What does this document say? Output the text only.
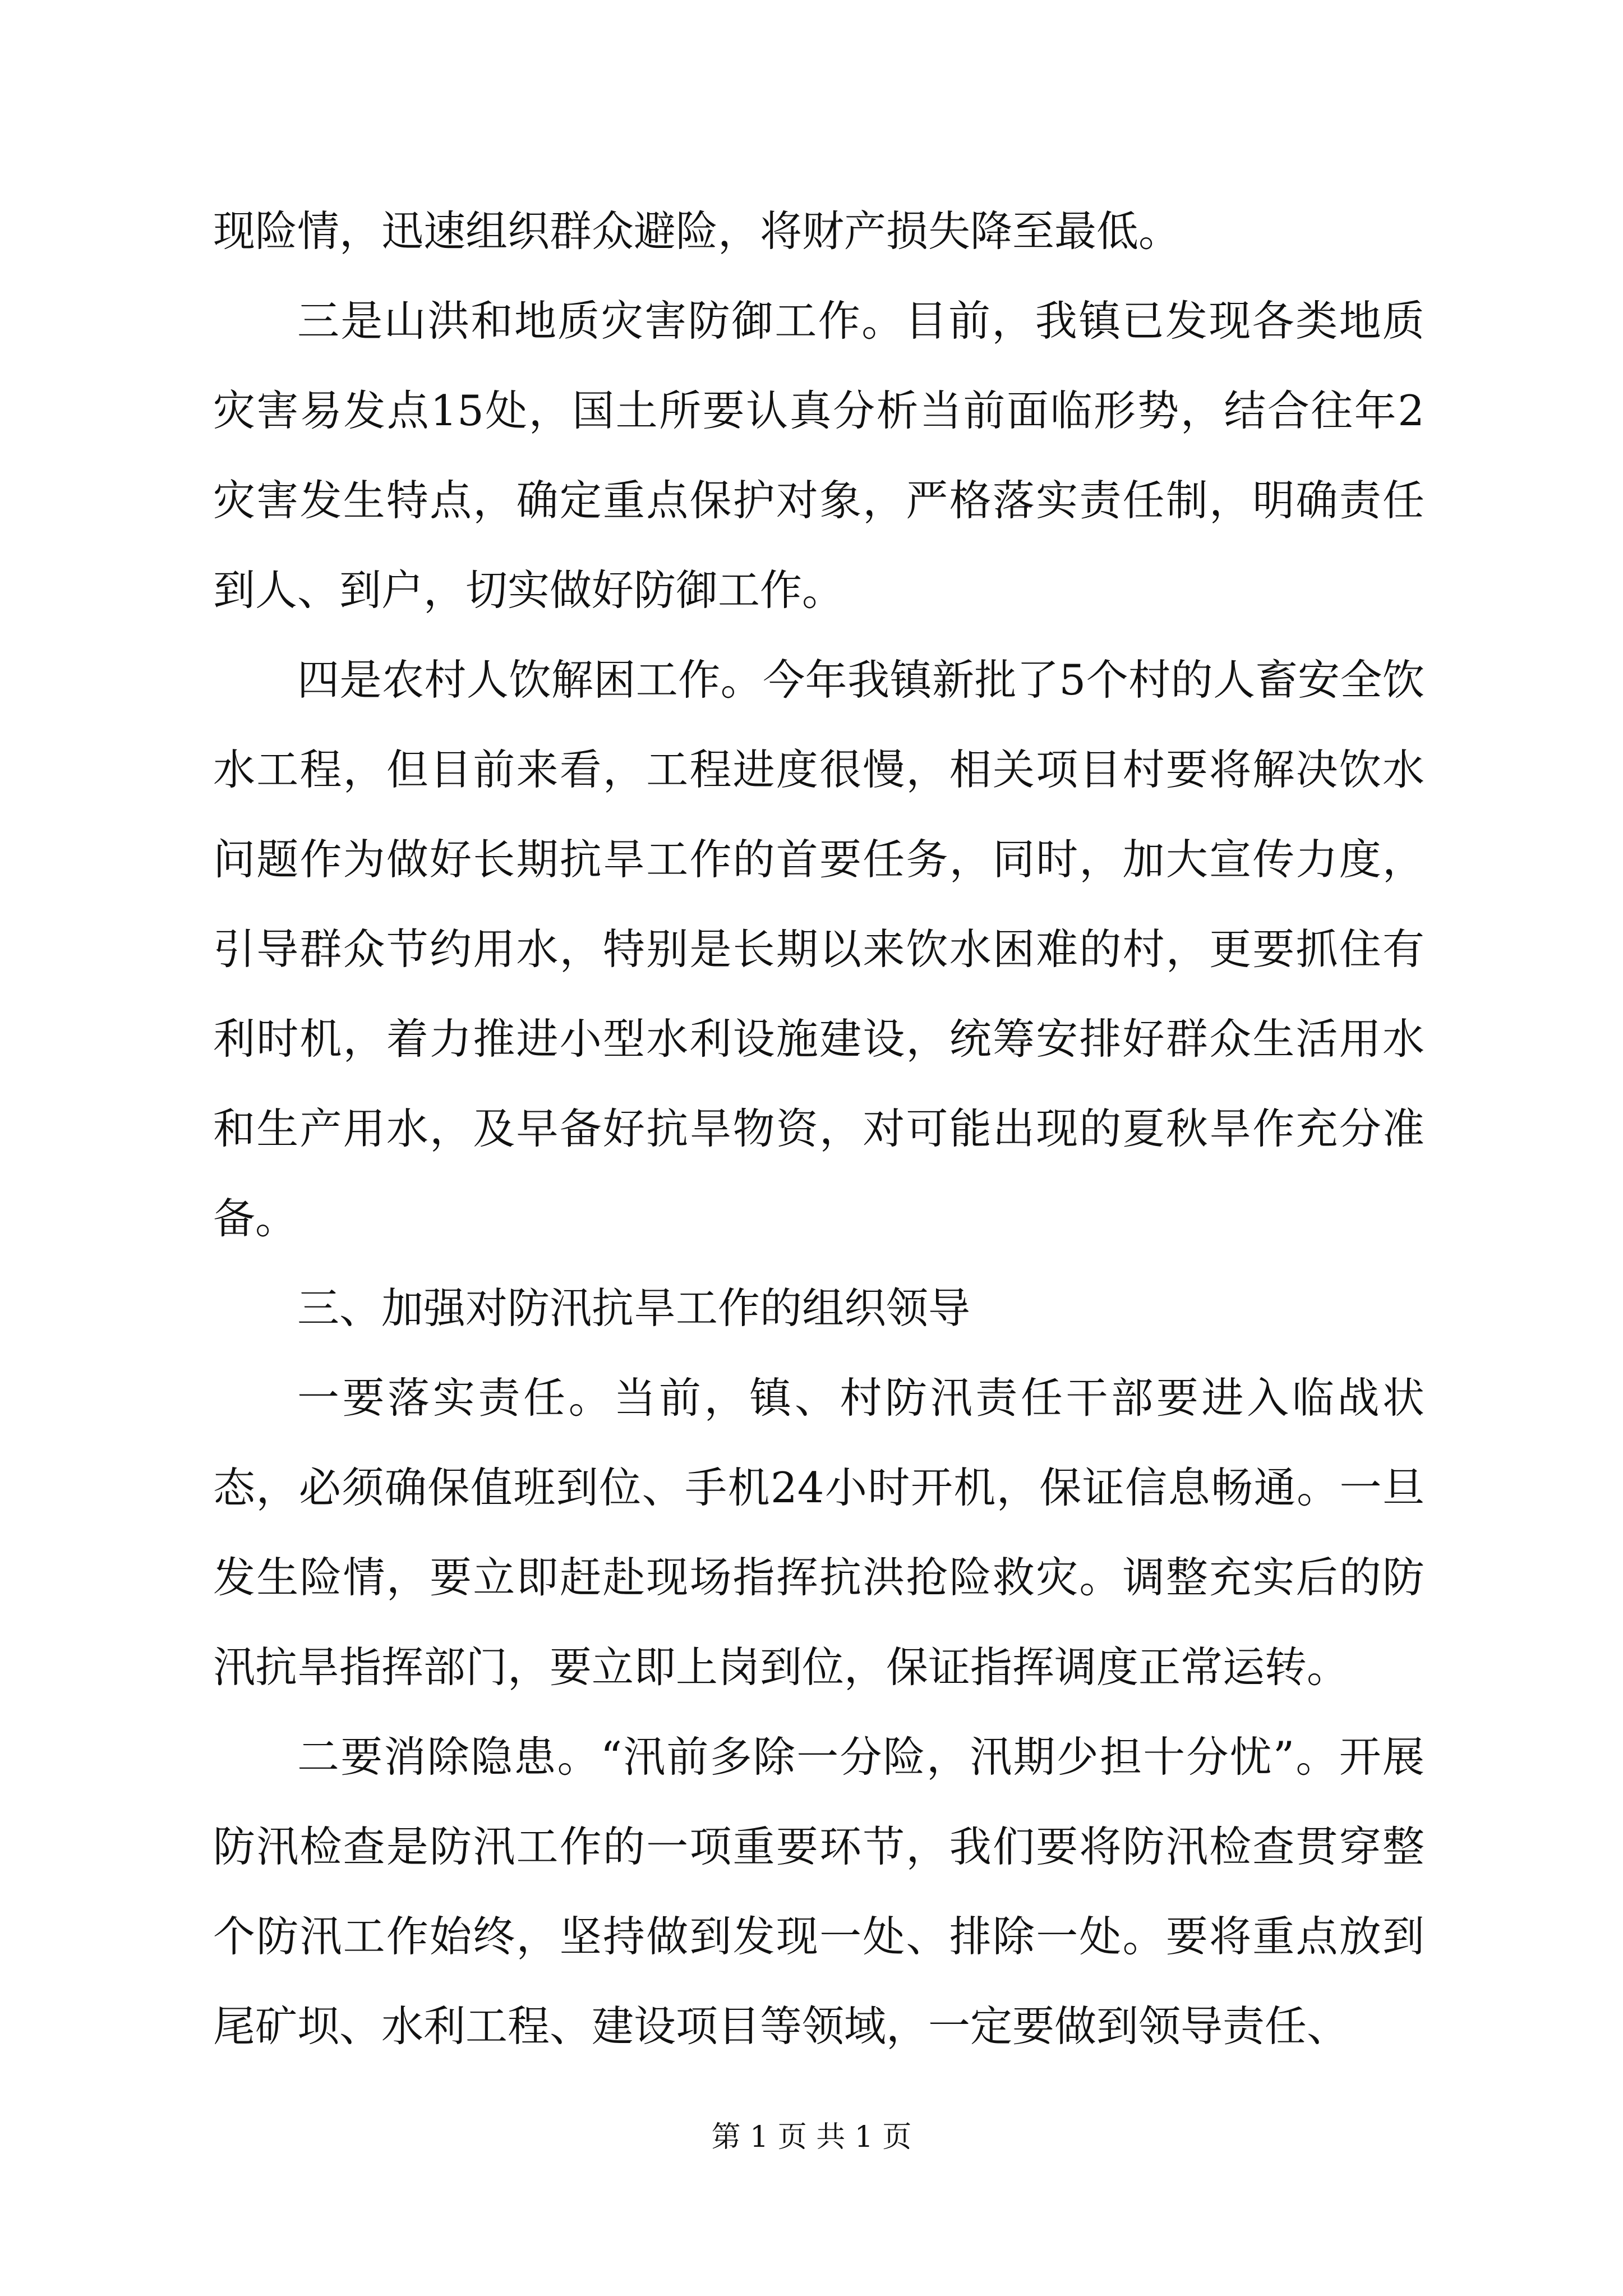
现险情，迅速组织群众避险，将财产损失降至最低。

三是山洪和地质灾害防御工作。目前，我镇已发现各类地质灾害易发点15处，国土所要认真分析当前面临形势，结合往年2灾害发生特点，确定重点保护对象，严格落实责任制，明确责任到人、到户，切实做好防御工作。

四是农村人饮解困工作。今年我镇新批了5个村的人畜安全饮水工程，但目前来看，工程进度很慢，相关项目村要将解决饮水问题作为做好长期抗旱工作的首要任务，同时，加大宣传力度，引导群众节约用水，特别是长期以来饮水困难的村，更要抓住有利时机，着力推进小型水利设施建设，统筹安排好群众生活用水和生产用水，及早备好抗旱物资，对可能出现的夏秋旱作充分准备。

三、加强对防汛抗旱工作的组织领导

一要落实责任。当前，镇、村防汛责任干部要进入临战状态，必须确保值班到位、手机24小时开机，保证信息畅通。一旦发生险情，要立即赶赴现场指挥抗洪抢险救灾。调整充实后的防汛抗旱指挥部门，要立即上岗到位，保证指挥调度正常运转。

二要消除隐患。“汛前多除一分险，汛期少担十分忧”。开展防汛检查是防汛工作的一项重要环节，我们要将防汛检查贯穿整个防汛工作始终，坚持做到发现一处、排除一处。要将重点放到尾矿坝、水利工程、建设项目等领域，一定要做到领导责任、

第 1 页 共 1 页
